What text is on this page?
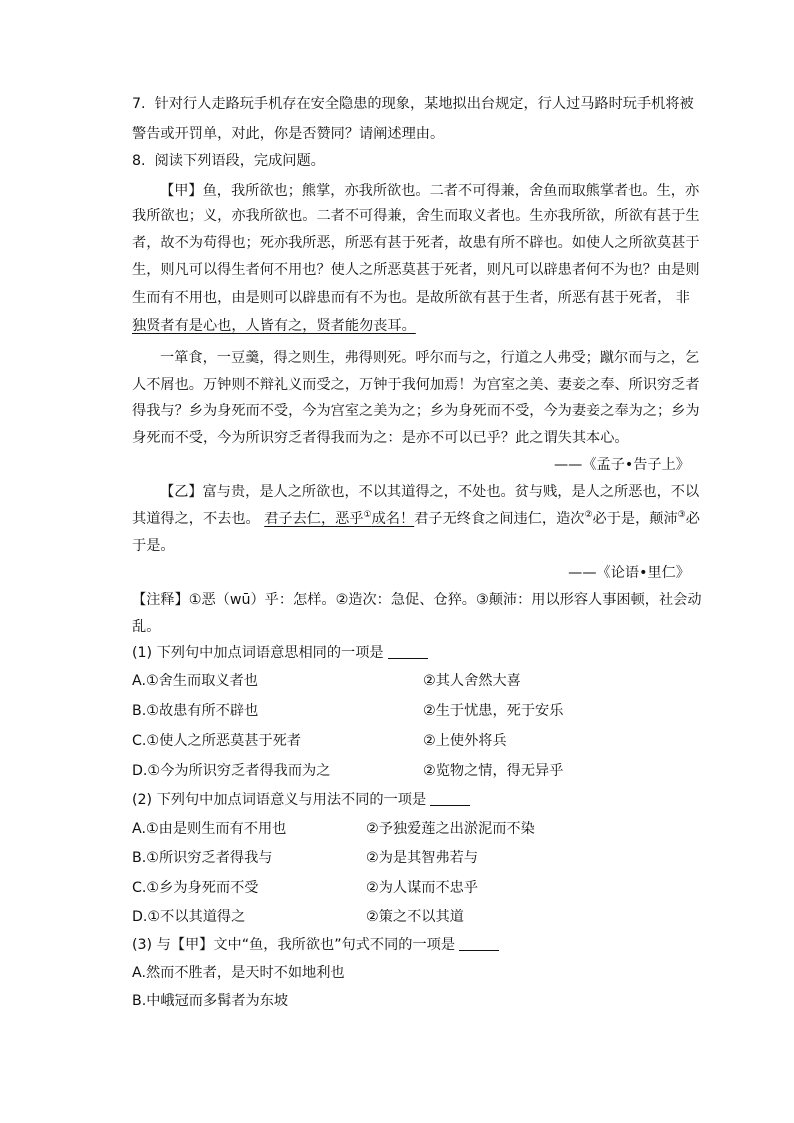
7. 针对行人走路玩手机存在安全隐患的现象，某地拟出台规定，行人过马路时玩手机将被
警告或开罚单，对此，你是否赞同？请阐述理由。
8. 阅读下列语段，完成问题。
【甲】鱼，我所欲也；熊掌，亦我所欲也。二者不可得兼，舍鱼而取熊掌者也。生，亦
我所欲也；义，亦我所欲也。二者不可得兼，舍生而取义者也。生亦我所欲，所欲有甚于生
者，故不为苟得也；死亦我所恶，所恶有甚于死者，故患有所不辟也。如使人之所欲莫甚于
生，则凡可以得生者何不用也？使人之所恶莫甚于死者，则凡可以辟患者何不为也？由是则
生而有不用也，由是则可以辟患而有不为也。是故所欲有甚于生者，所恶有甚于死者， 非
独贤者有是心也，人皆有之，贤者能勿丧耳。
一箪食，一豆羹，得之则生，弗得则死。呼尔而与之，行道之人弗受；蹴尔而与之，乞
人不屑也。万钟则不辩礼义而受之，万钟于我何加焉！为宫室之美、妻妾之奉、所识穷乏者
得我与？乡为身死而不受，今为宫室之美为之；乡为身死而不受，今为妻妾之奉为之；乡为
身死而不受，今为所识穷乏者得我而为之：是亦不可以已乎？此之谓失其本心。
——《孟子•告子上》
【乙】富与贵，是人之所欲也，不以其道得之，不处也。贫与贱，是人之所恶也，不以
其道得之，不去也。 君子去仁，恶乎①成名！君子无终食之间违仁，造次②必于是，颠沛③必
于是。
——《论语•里仁》
【注释】①恶（wū）乎：怎样。②造次：急促、仓猝。③颠沛：用以形容人事困顿，社会动
乱。
(1) 下列句中加点词语意思相同的一项是
A.①舍生而取义者也	②其人舍然大喜
B.①故患有所不辟也	②生于忧患，死于安乐
C.①使人之所恶莫甚于死者	②上使外将兵
D.①今为所识穷乏者得我而为之	②览物之情，得无异乎
(2) 下列句中加点词语意义与用法不同的一项是
A.①由是则生而有不用也	②予独爱莲之出淤泥而不染
B.①所识穷乏者得我与	②为是其智弗若与
C.①乡为身死而不受	②为人谋而不忠乎
D.①不以其道得之	②策之不以其道
(3) 与【甲】文中“鱼，我所欲也”句式不同的一项是
A.然而不胜者，是天时不如地利也
B.中峨冠而多髯者为东坡
